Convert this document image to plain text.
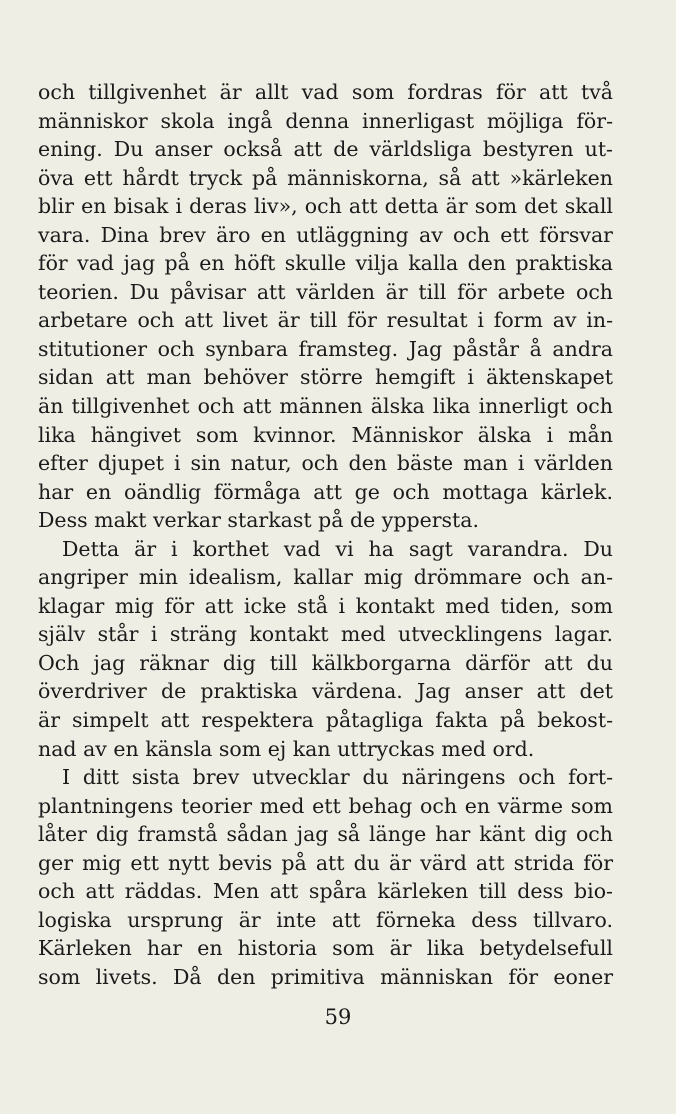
och tillgivenhet är allt vad som fordras för att två
människor skola ingå denna innerligast möjliga för-
ening. Du anser också att de världsliga bestyren ut-
öva ett hårdt tryck på människorna, så att »kärleken
blir en bisak i deras liv», och att detta är som det skall
vara. Dina brev äro en utläggning av och ett försvar
för vad jag på en höft skulle vilja kalla den praktiska
teorien. Du påvisar att världen är till för arbete och
arbetare och att livet är till för resultat i form av in-
stitutioner och synbara framsteg. Jag påstår å andra
sidan att man behöver större hemgift i äktenskapet
än tillgivenhet och att männen älska lika innerligt och
lika hängivet som kvinnor. Människor älska i mån
efter djupet i sin natur, och den bäste man i världen
har en oändlig förmåga att ge och mottaga kärlek.
Dess makt verkar starkast på de yppersta.
Detta är i korthet vad vi ha sagt varandra. Du
angriper min idealism, kallar mig drömmare och an-
klagar mig för att icke stå i kontakt med tiden, som
själv står i sträng kontakt med utvecklingens lagar.
Och jag räknar dig till kälkborgarna därför att du
överdriver de praktiska värdena. Jag anser att det
är simpelt att respektera påtagliga fakta på bekost-
nad av en känsla som ej kan uttryckas med ord.
I ditt sista brev utvecklar du näringens och fort-
plantningens teorier med ett behag och en värme som
låter dig framstå sådan jag så länge har känt dig och
ger mig ett nytt bevis på att du är värd att strida för
och att räddas. Men att spåra kärleken till dess bio-
logiska ursprung är inte att förneka dess tillvaro.
Kärleken har en historia som är lika betydelsefull
som livets. Då den primitiva människan för eoner
59
